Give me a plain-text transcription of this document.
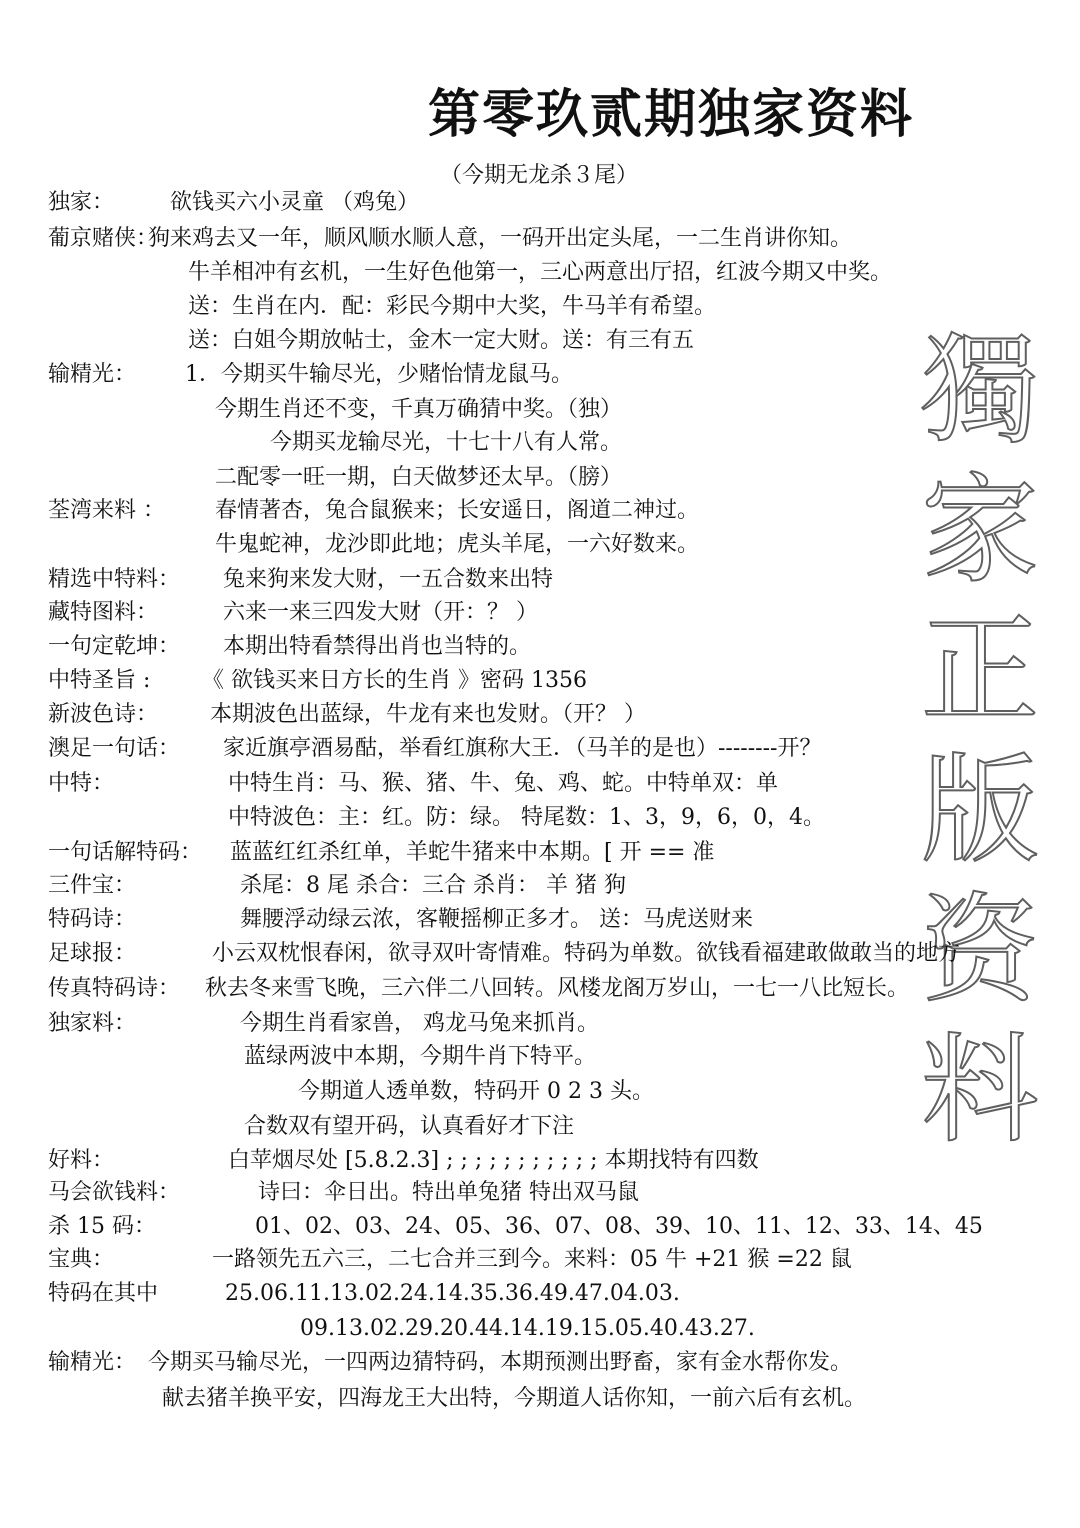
第零玖贰期独家资料
（今期无龙杀３尾）
獨
家
正
版
资
料
独家：	欲钱买六小灵童 （鸡兔）
葡京赌侠：
狗来鸡去又一年，顺风顺水顺人意，一码开出定头尾，一二生肖讲你知。
牛羊相冲有玄机，一生好色他第一，三心两意出厅招，红波今期又中奖。
送：生肖在内．配：彩民今期中大奖，牛马羊有希望。
送：白姐今期放帖士，金木一定大财。送：有三有五
输精光： 1．今期买牛输尽光，少赌怡情龙鼠马。
今期生肖还不变，千真万确猜中奖。（独）
今期买龙输尽光，十七十八有人常。
二配零一旺一期，白天做梦还太早。（膀）
荃湾来料 ： 春情著杏，兔合鼠猴来；长安遥日，阁道二神过。
牛鬼蛇神，龙沙即此地；虎头羊尾，一六好数来。
精选中特料： 兔来狗来发大财，一五合数来出特
藏特图料：	六来一来三四发大财（开：？ ）
一句定乾坤： 本期出特看禁得出肖也当特的。
中特圣旨 : 《 欲钱买来日方长的生肖 》密码 1356
新波色诗： 本期波色出蓝绿，牛龙有来也发财。（开？ ）
澳足一句话： 家近旗亭酒易酤，举看红旗称大王．（马羊的是也）--------开？
中特：	中特生肖：马、猴、猪、牛、兔、鸡、蛇。中特单双：单
中特波色：主：红。防：绿。 特尾数：1、3，9，6，0，4。
一句话解特码： 蓝蓝红红杀红单，羊蛇牛猪来中本期。[ 开 == 准
三件宝：	杀尾：8 尾 杀合：三合 杀肖： 羊 猪 狗
特码诗：	舞腰浮动绿云浓，客鞭摇柳正多才。 送：马虎送财来
足球报：	小云双枕恨春闲，欲寻双叶寄情难。特码为单数。欲钱看福建敢做敢当的地方
传真特码诗： 秋去冬来雪飞晚，三六伴二八回转。风楼龙阁万岁山，一七一八比短长。
独家料：	今期生肖看家兽， 鸡龙马兔来抓肖。
蓝绿两波中本期，今期牛肖下特平。
今期道人透单数，特码开 0 2 3 头。
合数双有望开码，认真看好才下注
好料：	白苹烟尽处 [5.8.2.3] ; ; ; ; ; ; ; ; ; ; ; 本期找特有四数
马会欲钱料：	诗曰：伞日出。特出单兔猪 特出双马鼠
杀 15 码：	01、02、03、24、05、36、07、08、39、10、11、12、33、14、45
宝典：	一路领先五六三，二七合并三到今。来料：05 牛 +21 猴 =22 鼠
特码在其中	25.06.11.13.02.24.14.35.36.49.47.04.03.
09.13.02.29.20.44.14.19.15.05.40.43.27.
输精光： 今期买马输尽光，一四两边猜特码，本期预测出野畜，家有金水帮你发。
献去猪羊换平安，四海龙王大出特，今期道人话你知，一前六后有玄机。
